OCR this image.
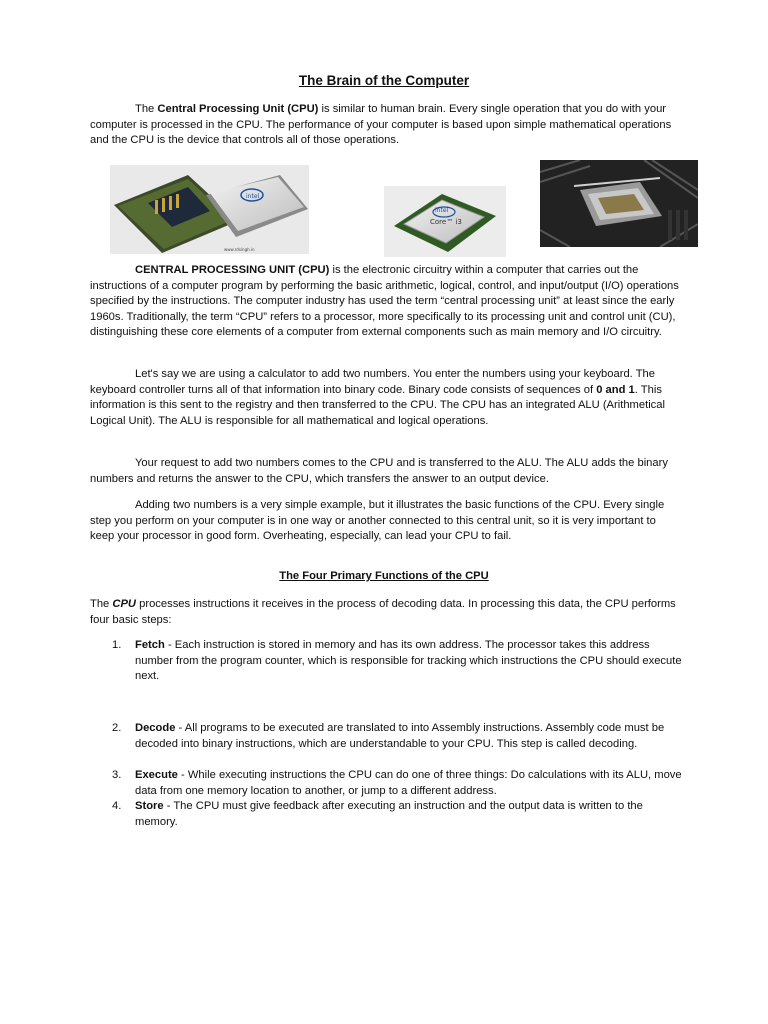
The Brain of the Computer

The Central Processing Unit (CPU) is similar to human brain. Every single operation that you do with your computer is processed in the CPU. The performance of your computer is based upon simple mathematical operations and the CPU is the device that controls all of those operations.

intel
www.rdsingh.in
intel
Core™ i3

CENTRAL PROCESSING UNIT (CPU) is the electronic circuitry within a computer that carries out the instructions of a computer program by performing the basic arithmetic, logical, control, and input/output (I/O) operations specified by the instructions. The computer industry has used the term “central processing unit” at least since the early 1960s. Traditionally, the term “CPU” refers to a processor, more specifically to its processing unit and control unit (CU), distinguishing these core elements of a computer from external components such as main memory and I/O circuitry.

Let's say we are using a calculator to add two numbers. You enter the numbers using your keyboard. The keyboard controller turns all of that information into binary code. Binary code consists of sequences of 0 and 1. This information is this sent to the registry and then transferred to the CPU. The CPU has an integrated ALU (Arithmetical Logical Unit). The ALU is responsible for all mathematical and logical operations.

Your request to add two numbers comes to the CPU and is transferred to the ALU. The ALU adds the binary numbers and returns the answer to the CPU, which transfers the answer to an output device.

Adding two numbers is a very simple example, but it illustrates the basic functions of the CPU. Every single step you perform on your computer is in one way or another connected to this central unit, so it is very important to keep your processor in good form. Overheating, especially, can lead your CPU to fail.

The Four Primary Functions of the CPU

The CPU processes instructions it receives in the process of decoding data. In processing this data, the CPU performs four basic steps:

1. Fetch - Each instruction is stored in memory and has its own address. The processor takes this address number from the program counter, which is responsible for tracking which instructions the CPU should execute next.
2. Decode - All programs to be executed are translated to into Assembly instructions. Assembly code must be decoded into binary instructions, which are understandable to your CPU. This step is called decoding.
3. Execute - While executing instructions the CPU can do one of three things: Do calculations with its ALU, move data from one memory location to another, or jump to a different address.
4. Store - The CPU must give feedback after executing an instruction and the output data is written to the memory.
